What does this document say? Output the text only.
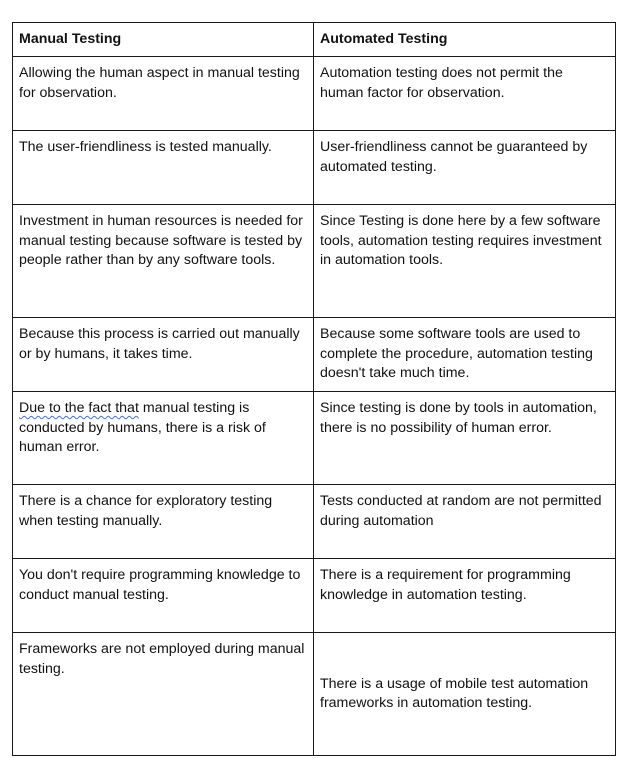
Manual Testing	Automated Testing

Allowing the human aspect in manual testing for observation.	Automation testing does not permit the human factor for observation.

The user-friendliness is tested manually.	User-friendliness cannot be guaranteed by automated testing.

Investment in human resources is needed for manual testing because software is tested by people rather than by any software tools.	Since Testing is done here by a few software tools, automation testing requires investment in automation tools.

Because this process is carried out manually or by humans, it takes time.	Because some software tools are used to complete the procedure, automation testing doesn't take much time.

Due to the fact that manual testing is conducted by humans, there is a risk of human error.	Since testing is done by tools in automation, there is no possibility of human error.

There is a chance for exploratory testing when testing manually.	Tests conducted at random are not permitted during automation

You don't require programming knowledge to conduct manual testing.	There is a requirement for programming knowledge in automation testing.

Frameworks are not employed during manual testing.	There is a usage of mobile test automation frameworks in automation testing.
